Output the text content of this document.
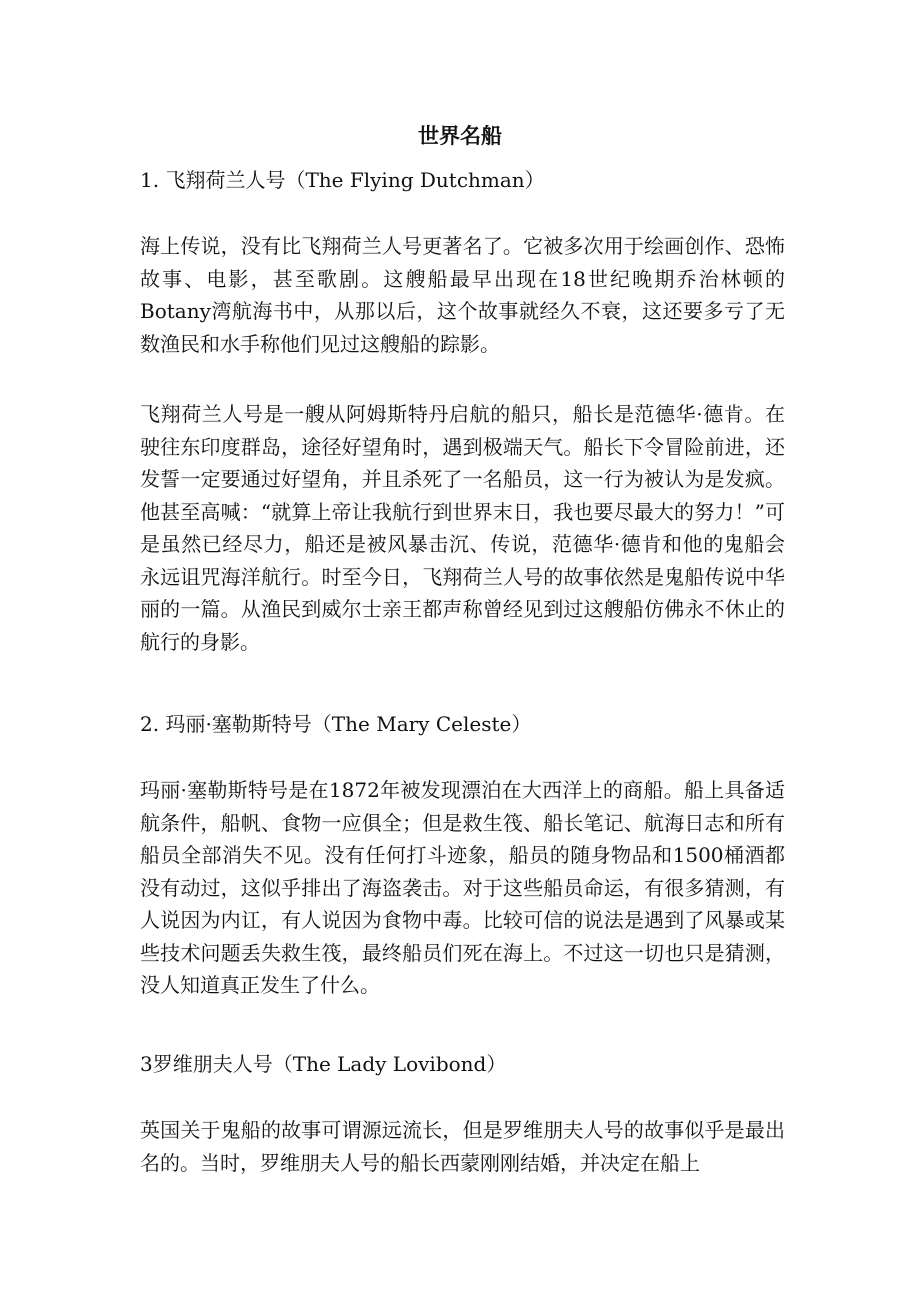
世界名船

1. 飞翔荷兰人号（The Flying Dutchman）

海上传说，没有比飞翔荷兰人号更著名了。它被多次用于绘画创作、恐怖故事、电影，甚至歌剧。这艘船最早出现在18世纪晚期乔治林顿的Botany湾航海书中，从那以后，这个故事就经久不衰，这还要多亏了无数渔民和水手称他们见过这艘船的踪影。

飞翔荷兰人号是一艘从阿姆斯特丹启航的船只，船长是范德华·德肯。在驶往东印度群岛，途径好望角时，遇到极端天气。船长下令冒险前进，还发誓一定要通过好望角，并且杀死了一名船员，这一行为被认为是发疯。他甚至高喊：“就算上帝让我航行到世界末日，我也要尽最大的努力！”可是虽然已经尽力，船还是被风暴击沉、传说，范德华·德肯和他的鬼船会永远诅咒海洋航行。时至今日，飞翔荷兰人号的故事依然是鬼船传说中华丽的一篇。从渔民到威尔士亲王都声称曾经见到过这艘船仿佛永不休止的航行的身影。

2. 玛丽·塞勒斯特号（The Mary Celeste）

玛丽·塞勒斯特号是在1872年被发现漂泊在大西洋上的商船。船上具备适航条件，船帆、食物一应俱全；但是救生筏、船长笔记、航海日志和所有船员全部消失不见。没有任何打斗迹象，船员的随身物品和1500桶酒都没有动过，这似乎排出了海盗袭击。对于这些船员命运，有很多猜测，有人说因为内讧，有人说因为食物中毒。比较可信的说法是遇到了风暴或某些技术问题丢失救生筏，最终船员们死在海上。不过这一切也只是猜测，没人知道真正发生了什么。

3罗维朋夫人号（The Lady Lovibond）

英国关于鬼船的故事可谓源远流长，但是罗维朋夫人号的故事似乎是最出名的。当时，罗维朋夫人号的船长西蒙刚刚结婚，并决定在船上
